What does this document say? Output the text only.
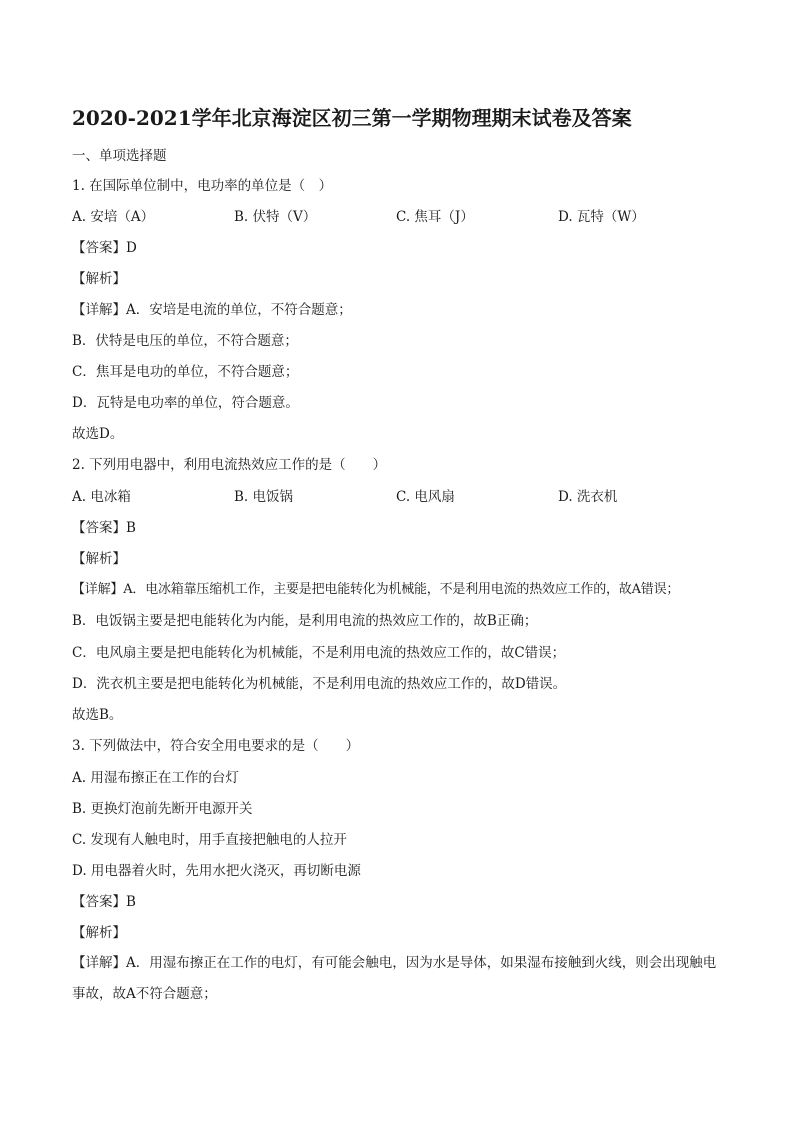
2020-2021学年北京海淀区初三第一学期物理期末试卷及答案
一、单项选择题
1. 在国际单位制中，电功率的单位是（　）
A. 安培（A）	B. 伏特（V）	C. 焦耳（J）	D. 瓦特（W）
【答案】D
【解析】
【详解】A．安培是电流的单位，不符合题意；
B．伏特是电压的单位，不符合题意；
C．焦耳是电功的单位，不符合题意；
D．瓦特是电功率的单位，符合题意。
故选D。
2. 下列用电器中，利用电流热效应工作的是（　　）
A. 电冰箱	B. 电饭锅	C. 电风扇	D. 洗衣机
【答案】B
【解析】
【详解】A．电冰箱靠压缩机工作，主要是把电能转化为机械能，不是利用电流的热效应工作的，故A错误；
B．电饭锅主要是把电能转化为内能，是利用电流的热效应工作的，故B正确；
C．电风扇主要是把电能转化为机械能，不是利用电流的热效应工作的，故C错误；
D．洗衣机主要是把电能转化为机械能，不是利用电流的热效应工作的，故D错误。
故选B。
3. 下列做法中，符合安全用电要求的是（　　）
A. 用湿布擦正在工作的台灯
B. 更换灯泡前先断开电源开关
C. 发现有人触电时，用手直接把触电的人拉开
D. 用电器着火时，先用水把火浇灭，再切断电源
【答案】B
【解析】
【详解】A．用湿布擦正在工作的电灯，有可能会触电，因为水是导体，如果湿布接触到火线，则会出现触电事故，故A不符合题意；
